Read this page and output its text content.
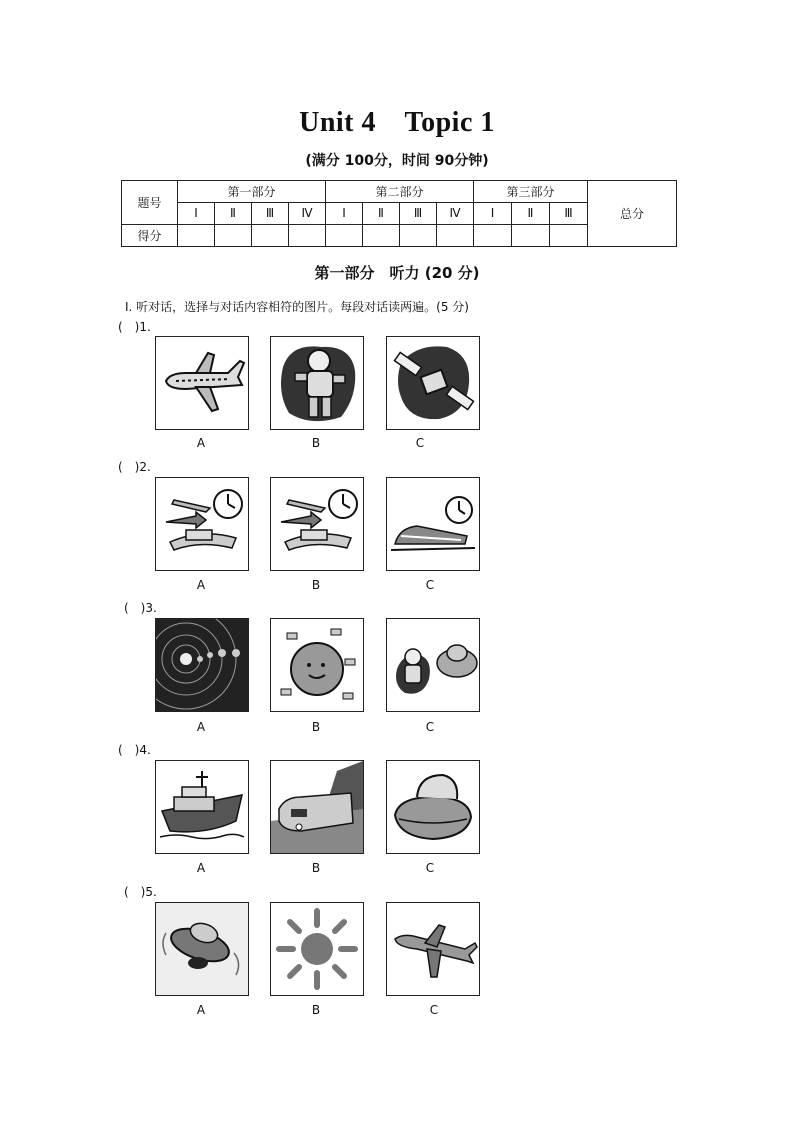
Unit 4　Topic 1
(满分 100分，时间 90分钟)
题号	第一部分				第二部分				第三部分			总分
	Ⅰ	Ⅱ	Ⅲ	Ⅳ	Ⅰ	Ⅱ	Ⅲ	Ⅳ	Ⅰ	Ⅱ	Ⅲ	
得分												
第一部分　听力 (20 分)
Ⅰ. 听对话，选择与对话内容相符的图片。每段对话读两遍。(5 分)
(　)1.
A	B	C
(　)2.
A	B	C
(　)3.
A	B	C
(　)4.
A	B	C
(　)5.
A	B	C
